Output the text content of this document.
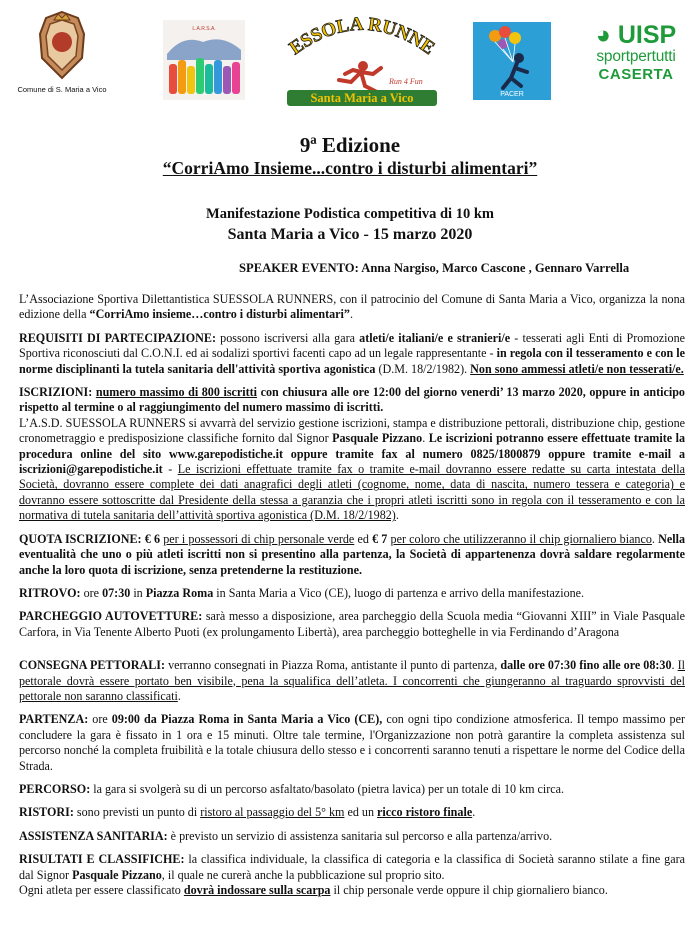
Comune di S. Maria a Vico
L.A.R.S.A.
ESSOLA RUNNE
Run 4 Fun
Santa Maria a Vico	PACER
◕ UISP
sportpertutti
CASERTA
9ª Edizione
“CorriAmo Insieme...contro i disturbi alimentari”
Manifestazione Podistica competitiva di 10 km
Santa Maria a Vico - 15 marzo 2020
SPEAKER EVENTO: Anna Nargiso, Marco Cascone , Gennaro Varrella

L’Associazione Sportiva Dilettantistica SUESSOLA RUNNERS, con il patrocinio del Comune di Santa Maria a Vico, organizza la nona edizione della “CorriAmo insieme…contro i disturbi alimentari”.

REQUISITI DI PARTECIPAZIONE: possono iscriversi alla gara atleti/e italiani/e e stranieri/e - tesserati agli Enti di Promozione Sportiva riconosciuti dal C.O.N.I. ed ai sodalizi sportivi facenti capo ad un legale rappresentante - in regola con il tesseramento e con le norme disciplinanti la tutela sanitaria dell'attività sportiva agonistica (D.M. 18/2/1982). Non sono ammessi atleti/e non tesserati/e.

ISCRIZIONI: numero massimo di 800 iscritti con chiusura alle ore 12:00 del giorno venerdi’ 13 marzo 2020, oppure in anticipo rispetto al termine o al raggiungimento del numero massimo di iscritti.
L’A.S.D. SUESSOLA RUNNERS si avvarrà del servizio gestione iscrizioni, stampa e distribuzione pettorali, distribuzione chip, gestione cronometraggio e predisposizione classifiche fornito dal Signor Pasquale Pizzano. Le iscrizioni potranno essere effettuate tramite la procedura online del sito www.garepodistiche.it oppure tramite fax al numero 0825/1800879 oppure tramite e-mail a iscrizioni@garepodistiche.it - Le iscrizioni effettuate tramite fax o tramite e-mail dovranno essere redatte su carta intestata della Società, dovranno essere complete dei dati anagrafici degli atleti (cognome, nome, data di nascita, numero tessera e categoria) e dovranno essere sottoscritte dal Presidente della stessa a garanzia che i propri atleti iscritti sono in regola con il tesseramento e con la normativa di tutela sanitaria dell’attività sportiva agonistica (D.M. 18/2/1982).

QUOTA ISCRIZIONE: € 6 per i possessori di chip personale verde ed € 7 per coloro che utilizzeranno il chip giornaliero bianco. Nella eventualità che uno o più atleti iscritti non si presentino alla partenza, la Società di appartenenza dovrà saldare regolarmente anche la loro quota di iscrizione, senza pretenderne la restituzione.

RITROVO: ore 07:30 in Piazza Roma in Santa Maria a Vico (CE), luogo di partenza e arrivo della manifestazione.

PARCHEGGIO AUTOVETTURE: sarà messo a disposizione, area parcheggio della Scuola media “Giovanni XIII” in Viale Pasquale Carfora, in Via Tenente Alberto Puoti (ex prolungamento Libertà), area parcheggio botteghelle in via Ferdinando d’Aragona

CONSEGNA PETTORALI: verranno consegnati in Piazza Roma, antistante il punto di partenza, dalle ore 07:30 fino alle ore 08:30. Il pettorale dovrà essere portato ben visibile, pena la squalifica dell’atleta. I concorrenti che giungeranno al traguardo sprovvisti del pettorale non saranno classificati.

PARTENZA: ore 09:00 da Piazza Roma in Santa Maria a Vico (CE), con ogni tipo condizione atmosferica. Il tempo massimo per concludere la gara è fissato in 1 ora e 15 minuti. Oltre tale termine, l'Organizzazione non potrà garantire la completa assistenza sul percorso nonché la completa fruibilità e la totale chiusura dello stesso e i concorrenti saranno tenuti a rispettare le norme del Codice della Strada.

PERCORSO: la gara si svolgerà su di un percorso asfaltato/basolato (pietra lavica) per un totale di 10 km circa.

RISTORI: sono previsti un punto di ristoro al passaggio del 5° km ed un ricco ristoro finale.

ASSISTENZA SANITARIA: è previsto un servizio di assistenza sanitaria sul percorso e alla partenza/arrivo.

RISULTATI E CLASSIFICHE: la classifica individuale, la classifica di categoria e la classifica di Società saranno stilate a fine gara dal Signor Pasquale Pizzano, il quale ne curerà anche la pubblicazione sul proprio sito.
Ogni atleta per essere classificato dovrà indossare sulla scarpa il chip personale verde oppure il chip giornaliero bianco.
